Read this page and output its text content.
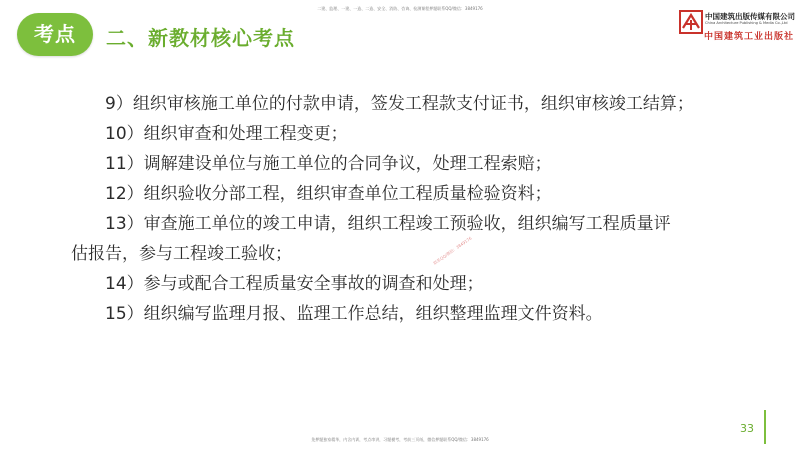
二建、监理、一建、一造、二造、安全、消防、咨询、检测课程押题联系QQ/微信：3849176
考点	二、新教材核心考点
中国建筑出版传媒有限公司
China Architecture Publishing & Media Co.,Ltd
中国建筑工业出版社
9）组织审核施工单位的付款申请，签发工程款支付证书，组织审核竣工结算；
10）组织审查和处理工程变更；
11）调解建设单位与施工单位的合同争议，处理工程索赔；
12）组织验收分部工程，组织审查单位工程质量检验资料；
13）审查施工单位的竣工申请，组织工程竣工预验收，组织编写工程质量评
估报告，参与工程竣工验收；
14）参与或配合工程质量安全事故的调查和处理；
15）组织编写监理月报、监理工作总结，组织整理监理文件资料。
联系QQ/微信：3849176
33
免押题独家精华，内含内训，考点串讲，习题模考，考前三页纸，微信押题联系QQ/微信：3849176
